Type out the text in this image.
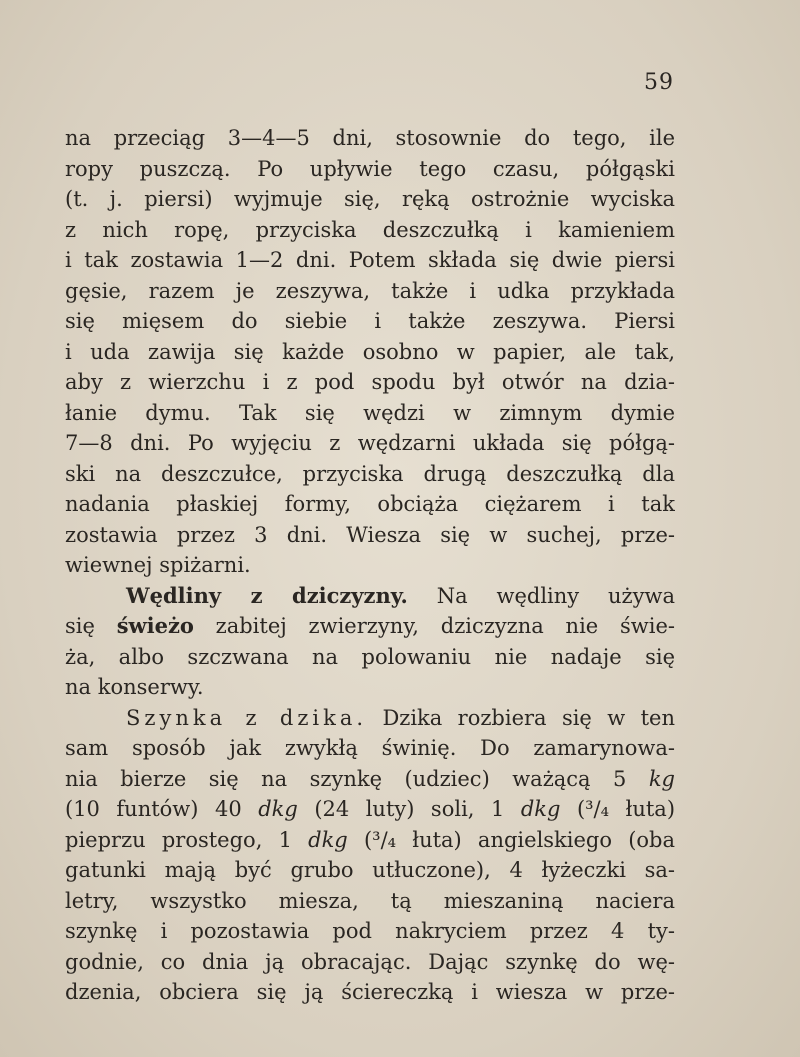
59
na przeciąg 3—4—5 dni, stosownie do tego, ile
ropy puszczą. Po upływie tego czasu, półgąski
(t. j. piersi) wyjmuje się, ręką ostrożnie wyciska
z nich ropę, przyciska deszczułką i kamieniem
i tak zostawia 1—2 dni. Potem składa się dwie piersi
gęsie, razem je zeszywa, także i udka przykłada
się mięsem do siebie i także zeszywa. Piersi
i uda zawija się każde osobno w papier, ale tak,
aby z wierzchu i z pod spodu był otwór na dzia-
łanie dymu. Tak się wędzi w zimnym dymie
7—8 dni. Po wyjęciu z wędzarni układa się półgą-
ski na deszczułce, przyciska drugą deszczułką dla
nadania płaskiej formy, obciąża ciężarem i tak
zostawia przez 3 dni. Wiesza się w suchej, prze-
wiewnej spiżarni.
Wędliny z dziczyzny. Na wędliny używa
się świeżo zabitej zwierzyny, dziczyzna nie świe-
ża, albo szczwana na polowaniu nie nadaje się
na konserwy.
Szynka z dzika. Dzika rozbiera się w ten
sam sposób jak zwykłą świnię. Do zamarynowa-
nia bierze się na szynkę (udziec) ważącą 5 kg
(10 funtów) 40 dkg (24 luty) soli, 1 dkg (³/₄ łuta)
pieprzu prostego, 1 dkg (³/₄ łuta) angielskiego (oba
gatunki mają być grubo utłuczone), 4 łyżeczki sa-
letry, wszystko miesza, tą mieszaniną naciera
szynkę i pozostawia pod nakryciem przez 4 ty-
godnie, co dnia ją obracając. Dając szynkę do wę-
dzenia, obciera się ją ściereczką i wiesza w prze-
